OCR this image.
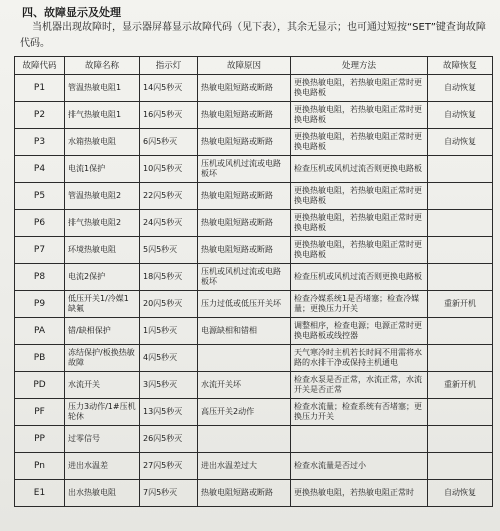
四、故障显示及处理
当机器出现故障时，显示器屏幕显示故障代码（见下表），其余无显示；也可通过短按“SET”键查询故障代码。
故障代码	故障名称	指示灯	故障原因	处理方法	故障恢复
P1	管温热敏电阻1	14闪5秒灭	热敏电阻短路或断路	更换热敏电阻，若热敏电阻正常时更换电路板	自动恢复
P2	排气热敏电阻1	16闪5秒灭	热敏电阻短路或断路	更换热敏电阻，若热敏电阻正常时更换电路板	自动恢复
P3	水箱热敏电阻	6闪5秒灭	热敏电阻短路或断路	更换热敏电阻，若热敏电阻正常时更换电路板	自动恢复
P4	电流1保护	10闪5秒灭	压机或风机过流或电路板坏	检查压机或风机过流否则更换电路板	
P5	管温热敏电阻2	22闪5秒灭	热敏电阻短路或断路	更换热敏电阻，若热敏电阻正常时更换电路板	
P6	排气热敏电阻2	24闪5秒灭	热敏电阻短路或断路	更换热敏电阻，若热敏电阻正常时更换电路板	
P7	环境热敏电阻	5闪5秒灭	热敏电阻短路或断路	更换热敏电阻，若热敏电阻正常时更换电路板	
P8	电流2保护	18闪5秒灭	压机或风机过流或电路板坏	检查压机或风机过流否则更换电路板	
P9	低压开关1/冷媒1缺氟	20闪5秒灭	压力过低或低压开关坏	检查冷媒系统1是否堵塞；检查冷媒量；更换压力开关	重新开机
PA	错/缺相保护	1闪5秒灭	电源缺相和错相	调整相序，检查电源；电源正常时更换电路板或线控器	
PB	冻结保护/板换热敏故障	4闪5秒灭		天气寒冷时主机若长时间不用需将水路的水排干净或保持主机通电	
PD	水流开关	3闪5秒灭	水流开关坏	检查水泵是否正常，水流正常，水流开关是否正常	重新开机
PF	压力3动作/1#压机轮休	13闪5秒灭	高压开关2动作	检查水流量；检查系统有否堵塞；更换压力开关	
PP	过零信号	26闪5秒灭			
Pn	进出水温差	27闪5秒灭	进出水温差过大	检查水流量是否过小	
E1	出水热敏电阻	7闪5秒灭	热敏电阻短路或断路	更换热敏电阻，若热敏电阻正常时	自动恢复
